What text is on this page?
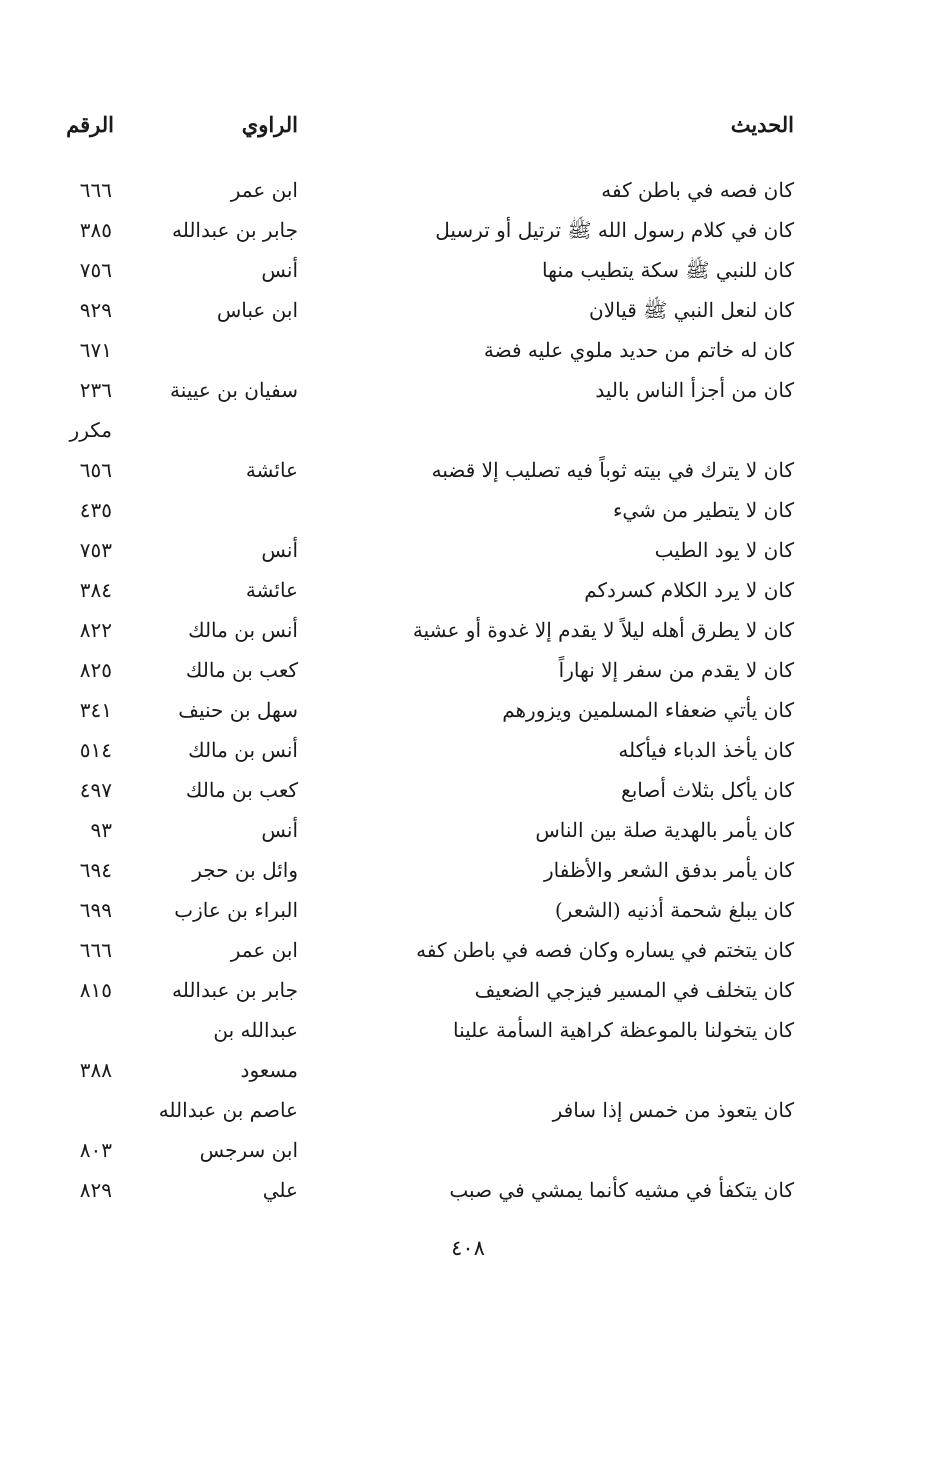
الحديث
الراوي
الرقم
كان فصه في باطن كفه
ابن عمر
٦٦٦
كان في كلام رسول الله ﷺ ترتيل أو ترسيل
جابر بن عبدالله
٣٨٥
كان للنبي ﷺ سكة يتطيب منها
أنس
٧٥٦
كان لنعل النبي ﷺ قيالان
ابن عباس
٩٢٩
كان له خاتم من حديد ملوي عليه فضة
٦٧١
كان من أجزأ الناس باليد
سفيان بن عيينة
٢٣٦
مكرر
كان لا يترك في بيته ثوباً فيه تصليب إلا قضبه
عائشة
٦٥٦
كان لا يتطير من شيء
٤٣٥
كان لا يود الطيب
أنس
٧٥٣
كان لا يرد الكلام كسردكم
عائشة
٣٨٤
كان لا يطرق أهله ليلاً لا يقدم إلا غدوة أو عشية
أنس بن مالك
٨٢٢
كان لا يقدم من سفر إلا نهاراً
كعب بن مالك
٨٢٥
كان يأتي ضعفاء المسلمين ويزورهم
سهل بن حنيف
٣٤١
كان يأخذ الدباء فيأكله
أنس بن مالك
٥١٤
كان يأكل بثلاث أصابع
كعب بن مالك
٤٩٧
كان يأمر بالهدية صلة بين الناس
أنس
٩٣
كان يأمر بدفق الشعر والأظفار
وائل بن حجر
٦٩٤
كان يبلغ شحمة أذنيه (الشعر)
البراء بن عازب
٦٩٩
كان يتختم في يساره وكان فصه في باطن كفه
ابن عمر
٦٦٦
كان يتخلف في المسير فيزجي الضعيف
جابر بن عبدالله
٨١٥
كان يتخولنا بالموعظة كراهية السأمة علينا
عبدالله بن
مسعود
٣٨٨
كان يتعوذ من خمس إذا سافر
عاصم بن عبدالله
ابن سرجس
٨٠٣
كان يتكفأ في مشيه كأنما يمشي في صبب
علي
٨٢٩
٤٠٨
